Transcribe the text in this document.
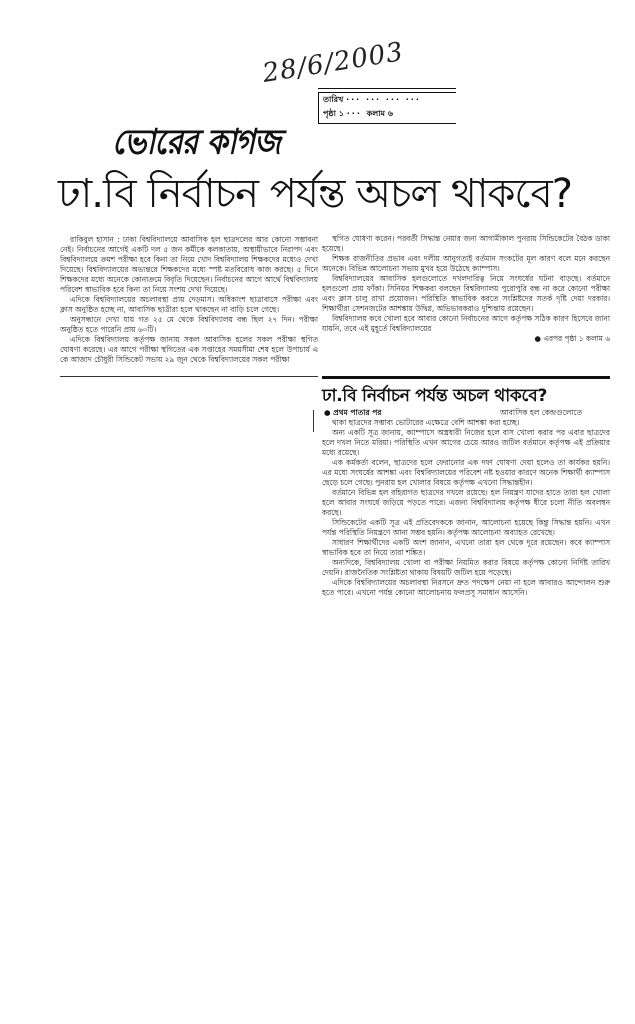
28/6/2003
তারিখ ··· ··· ··· ···
পৃষ্ঠা ১ ··· কলাম ৬
ভোরের কাগজ
ঢা.বি নির্বাচন পর্যন্ত অচল থাকবে?

রাকিবুল হাসান : ঢাকা বিশ্ববিদ্যালয়ে আবাসিক হল ছাত্রদলের আর কোনো সম্ভাবনা নেই। নির্বাচনের আগেই একটি দল ৫ জন কর্মীকে কলকাতায়, অস্থায়ীভাবে নিরাপদ এবং বিশ্ববিদ্যালয়ে ক্রমশ পরীক্ষা হবে কিনা তা নিয়ে খোদ বিশ্ববিদ্যালয় শিক্ষকদের মধ্যেও দেখা দিয়েছে। বিশ্ববিদ্যালয়ের অভ্যন্তরে শিক্ষকদের মধ্যে স্পষ্ট মতবিরোধ কাজ করছে। ৫ দিনে শিক্ষকদের মধ্যে অনেকে কোনাক্রমে বিবৃতি দিয়েছেন। নির্বাচনের আগে আর্থে বিশ্ববিদ্যালয় পরিবেশ স্বাভাবিক হবে কিনা তা নিয়ে সংশয় দেখা দিয়েছে।

এদিকে বিশ্ববিদ্যালয়ের অচলাবস্থা প্রায় দেড়মাস। অধিকাংশ ছাত্রাবাসে পরীক্ষা এবং ক্লাস অনুষ্ঠিত হচ্ছে না, আবাসিক ছাত্রীরা হলে থাকছেন না বাড়ি চলে গেছে।

অনুসন্ধানে দেখা যায় গত ২৫ মে থেকে বিশ্ববিদ্যালয় বন্ধ ছিল ২৭ দিন। পরীক্ষা অনুষ্ঠিত হতে পারেনি প্রায় ৬০টি।

এদিকে বিশ্ববিদ্যালয় কর্তৃপক্ষ জানায় সকল আবাসিক হলের সকল পরীক্ষা স্থগিত ঘোষণা করেছে। এর আগে পরীক্ষা স্থগিতের এক সপ্তাহের সময়সীমা শেষ হলে উপাচার্য এ কে আজাদ চৌধুরী সিন্ডিকেট সভায় ২৯ জুন থেকে বিশ্ববিদ্যালয়ের সকল পরীক্ষা

স্থগিত ঘোষণা করেন। পরবর্তী সিদ্ধান্ত নেয়ার জন্য আগামীকাল পুনরায় সিন্ডিকেটের বৈঠক ডাকা হয়েছে।

শিক্ষক রাজনীতির প্রভাব এবং দলীয় আনুগত্যই বর্তমান সংকটের মূল কারণ বলে মনে করছেন অনেকে। বিভিন্ন আলোচনা সভায় মুখর হয়ে উঠেছে ক্যাম্পাস।

বিশ্ববিদ্যালয়ের আবাসিক হলগুলোতে দখলদারিত্ব নিয়ে সংঘর্ষের ঘটনা বাড়ছে। বর্তমানে হলগুলো প্রায় ফাঁকা। সিনিয়র শিক্ষকরা বলছেন বিশ্ববিদ্যালয় পুরোপুরি বন্ধ না করে কোনো পরীক্ষা এবং ক্লাস চালু রাখা প্রয়োজন। পরিস্থিতি স্বাভাবিক করতে সংশ্লিষ্টদের সতর্ক দৃষ্টি দেয়া দরকার। শিক্ষার্থীরা সেশনজটের আশঙ্কায় উদ্বিগ্ন, অভিভাবকরাও দুশ্চিন্তায় রয়েছেন।

বিশ্ববিদ্যালয় কবে খোলা হবে আবার কোনো নির্বাচনের আগে কর্তৃপক্ষ সঠিক কারণ হিসেবে জানা যায়নি, তবে এই মুহূর্তে বিশ্ববিদ্যালয়ের

● এরপর পৃষ্ঠা ১ কলাম ৬

ঢা.বি নির্বাচন পর্যন্ত অচল থাকবে?
● প্রথম পাতার পর	আবাসিক হল কেন্দ্রগুলোতে

থাকা ছাত্রদের সম্ভাব্য ভোটারের এক্ষেত্রে বেশি আশঙ্কা করা হচ্ছে।

অন্য একটি সূত্র জানায়, ক্যাম্পাসে অস্ত্রধারী নিজের হলে বাস খোলা করার পর এবার ছাত্রদের হলে দখল নিতে মরিয়া। পরিস্থিতি এখন আগের চেয়ে আরও জটিল বর্তমানে কর্তৃপক্ষ এই প্রক্রিয়ার মধ্যে রয়েছে।

এক কর্মকর্তা বলেন, ছাত্রদের হলে ফেরানোর এক দফা ঘোষণা দেয়া হলেও তা কার্যকর হয়নি। এর মধ্যে সংঘর্ষের আশঙ্কা এবং বিশ্ববিদ্যালয়ের পরিবেশ নষ্ট হওয়ার কারণে অনেক শিক্ষার্থী ক্যাম্পাস ছেড়ে চলে গেছে। পুনরায় হল খোলার বিষয়ে কর্তৃপক্ষ এখনো সিদ্ধান্তহীন।

বর্তমানে বিভিন্ন হল বহিরাগত ছাত্রদের দখলে রয়েছে। হল নিয়ন্ত্রণ যাদের হাতে তারা হল খোলা হলে আবার সংঘর্ষে জড়িয়ে পড়তে পারে। এজন্য বিশ্ববিদ্যালয় কর্তৃপক্ষ ধীরে চলো নীতি অবলম্বন করছে।

সিন্ডিকেটের একটি সূত্র এই প্রতিবেদককে জানান, আলোচনা হয়েছে কিন্তু সিদ্ধান্ত হয়নি। এখন পর্যন্ত পরিস্থিতি নিয়ন্ত্রণে আনা সম্ভব হয়নি। কর্তৃপক্ষ আলোচনা অব্যাহত রেখেছে।

সাধারণ শিক্ষার্থীদের একটি অংশ জানান, এখনো তারা হল থেকে দূরে রয়েছেন। কবে ক্যাম্পাস স্বাভাবিক হবে তা নিয়ে তারা শঙ্কিত।

অন্যদিকে, বিশ্ববিদ্যালয় খোলা বা পরীক্ষা নিয়মিত করার বিষয়ে কর্তৃপক্ষ কোনো নির্দিষ্ট তারিখ দেয়নি। রাজনৈতিক সংশ্লিষ্টতা থাকায় বিষয়টি জটিল হয়ে পড়েছে।

এদিকে বিশ্ববিদ্যালয়ের অচলাবস্থা নিরসনে দ্রুত পদক্ষেপ নেয়া না হলে আবারও আন্দোলন শুরু হতে পারে। এখনো পর্যন্ত কোনো আলোচনায় ফলপ্রসূ সমাধান আসেনি।
